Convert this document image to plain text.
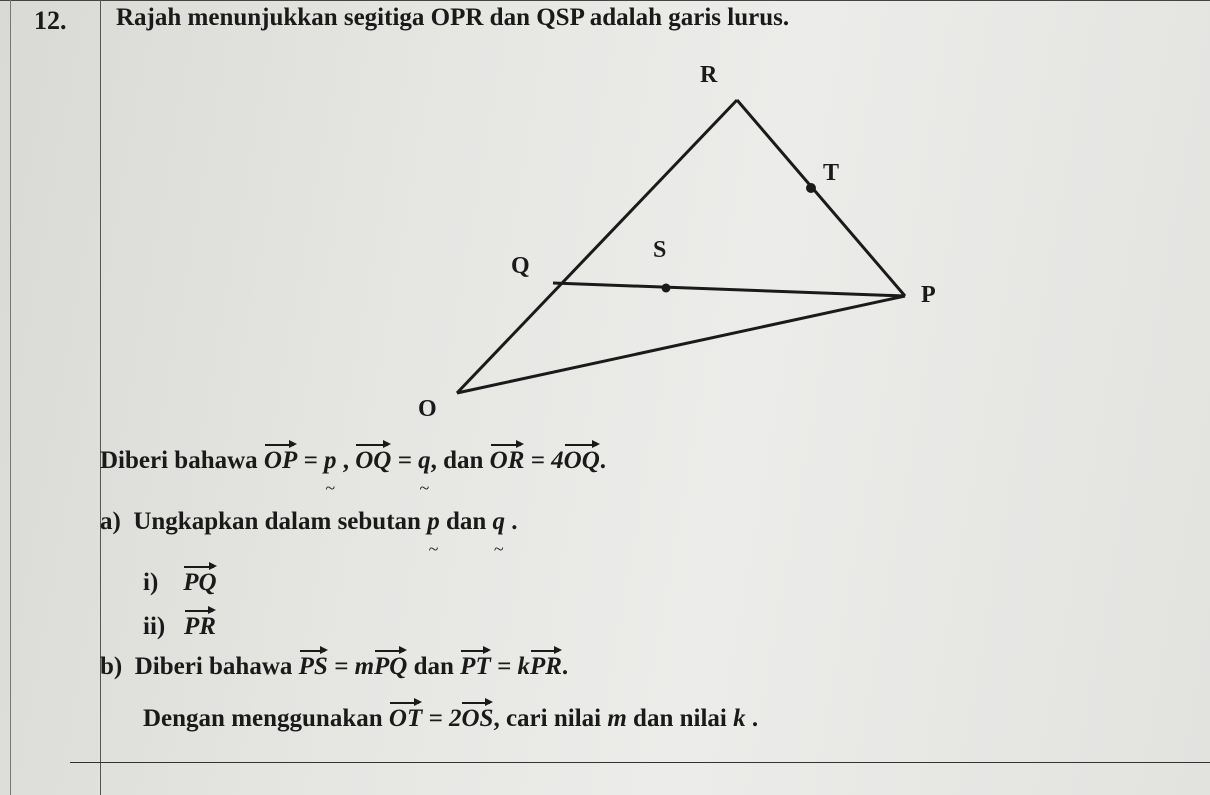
12. Rajah menunjukkan segitiga OPR dan QSP adalah garis lurus.
R
T
Q
S
P
O
Diberi bahawa OP = p ~ , OQ = q ~, dan OR = 4OQ.
a) Ungkapkan dalam sebutan p ~ dan q ~ .
i) PQ
ii) PR
b) Diberi bahawa PS = mPQ dan PT = kPR.
Dengan menggunakan OT = 2OS, cari nilai m dan nilai k .
